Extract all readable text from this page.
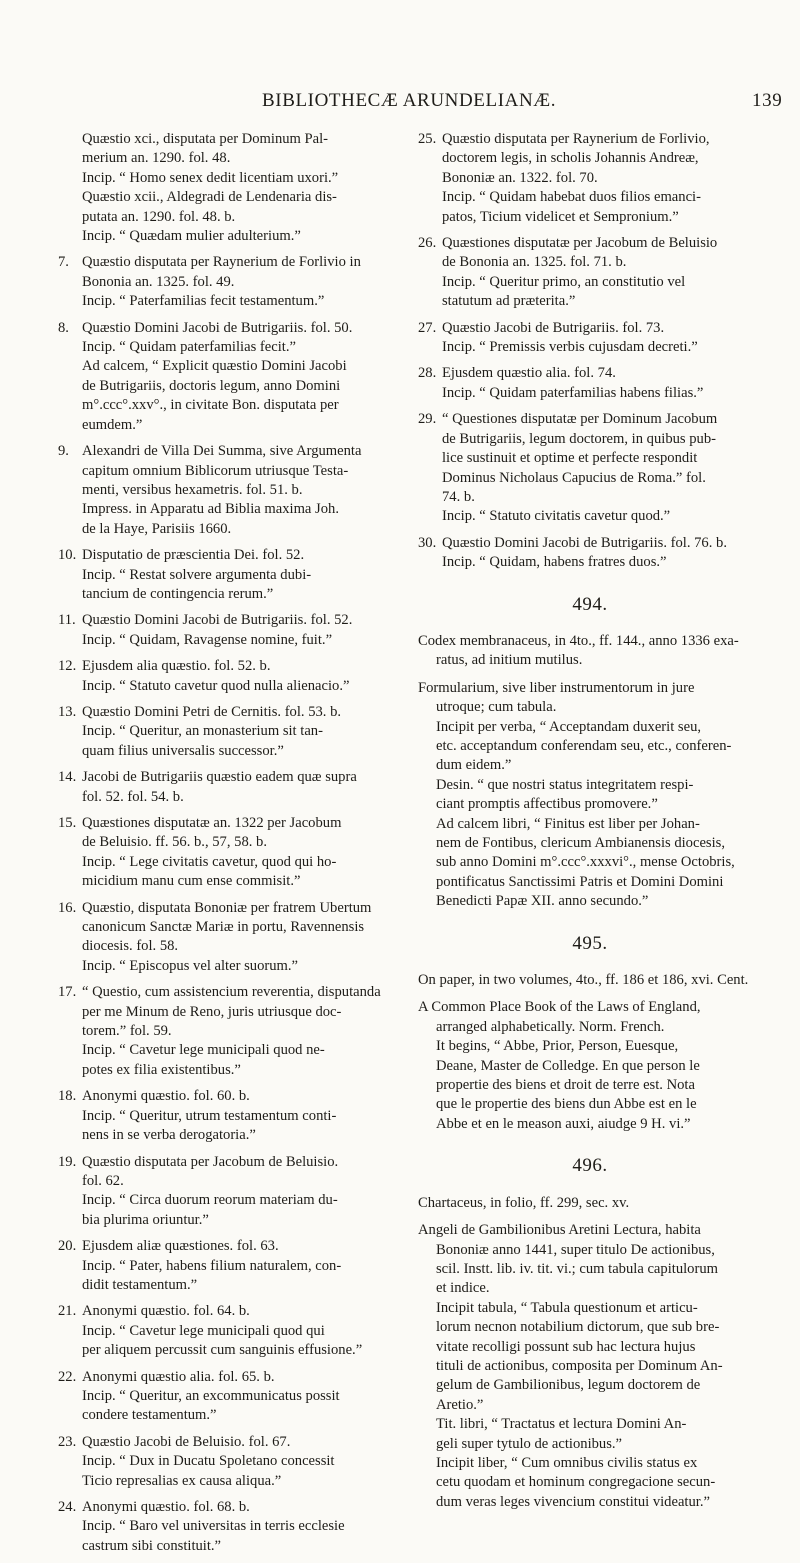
BIBLIOTHECÆ ARUNDELIANÆ.	139
Quæstio xci., disputata per Dominum Pal-
merium an. 1290. fol. 48.
Incip. “ Homo senex dedit licentiam uxori.”
Quæstio xcii., Aldegradi de Lendenaria dis-
putata an. 1290. fol. 48. b.
Incip. “ Quædam mulier adulterium.”
7. Quæstio disputata per Raynerium de Forlivio in
Bononia an. 1325. fol. 49.
Incip. “ Paterfamilias fecit testamentum.”
8. Quæstio Domini Jacobi de Butrigariis. fol. 50.
Incip. “ Quidam paterfamilias fecit.”
Ad calcem, “ Explicit quæstio Domini Jacobi
de Butrigariis, doctoris legum, anno Domini
m°.ccc°.xxv°., in civitate Bon. disputata per
eumdem.”
9. Alexandri de Villa Dei Summa, sive Argumenta
capitum omnium Biblicorum utriusque Testa-
menti, versibus hexametris. fol. 51. b.
Impress. in Apparatu ad Biblia maxima Joh.
de la Haye, Parisiis 1660.
10. Disputatio de præscientia Dei. fol. 52.
Incip. “ Restat solvere argumenta dubi-
tancium de contingencia rerum.”
11. Quæstio Domini Jacobi de Butrigariis. fol. 52.
Incip. “ Quidam, Ravagense nomine, fuit.”
12. Ejusdem alia quæstio. fol. 52. b.
Incip. “ Statuto cavetur quod nulla alienacio.”
13. Quæstio Domini Petri de Cernitis. fol. 53. b.
Incip. “ Queritur, an monasterium sit tan-
quam filius universalis successor.”
14. Jacobi de Butrigariis quæstio eadem quæ supra
fol. 52. fol. 54. b.
15. Quæstiones disputatæ an. 1322 per Jacobum
de Beluisio. ff. 56. b., 57, 58. b.
Incip. “ Lege civitatis cavetur, quod qui ho-
micidium manu cum ense commisit.”
16. Quæstio, disputata Bononiæ per fratrem Ubertum
canonicum Sanctæ Mariæ in portu, Ravennensis
diocesis. fol. 58.
Incip. “ Episcopus vel alter suorum.”
17. “ Questio, cum assistencium reverentia, disputanda
per me Minum de Reno, juris utriusque doc-
torem.” fol. 59.
Incip. “ Cavetur lege municipali quod ne-
potes ex filia existentibus.”
18. Anonymi quæstio. fol. 60. b.
Incip. “ Queritur, utrum testamentum conti-
nens in se verba derogatoria.”
19. Quæstio disputata per Jacobum de Beluisio.
fol. 62.
Incip. “ Circa duorum reorum materiam du-
bia plurima oriuntur.”
20. Ejusdem aliæ quæstiones. fol. 63.
Incip. “ Pater, habens filium naturalem, con-
didit testamentum.”
21. Anonymi quæstio. fol. 64. b.
Incip. “ Cavetur lege municipali quod qui
per aliquem percussit cum sanguinis effusione.”
22. Anonymi quæstio alia. fol. 65. b.
Incip. “ Queritur, an excommunicatus possit
condere testamentum.”
23. Quæstio Jacobi de Beluisio. fol. 67.
Incip. “ Dux in Ducatu Spoletano concessit
Ticio represalias ex causa aliqua.”
24. Anonymi quæstio. fol. 68. b.
Incip. “ Baro vel universitas in terris ecclesie
castrum sibi constituit.”
25. Quæstio disputata per Raynerium de Forlivio,
doctorem legis, in scholis Johannis Andreæ,
Bononiæ an. 1322. fol. 70.
Incip. “ Quidam habebat duos filios emanci-
patos, Ticium videlicet et Sempronium.”
26. Quæstiones disputatæ per Jacobum de Beluisio
de Bononia an. 1325. fol. 71. b.
Incip. “ Queritur primo, an constitutio vel
statutum ad præterita.”
27. Quæstio Jacobi de Butrigariis. fol. 73.
Incip. “ Premissis verbis cujusdam decreti.”
28. Ejusdem quæstio alia. fol. 74.
Incip. “ Quidam paterfamilias habens filias.”
29. “ Questiones disputatæ per Dominum Jacobum
de Butrigariis, legum doctorem, in quibus pub-
lice sustinuit et optime et perfecte respondit
Dominus Nicholaus Capucius de Roma.” fol.
74. b.
Incip. “ Statuto civitatis cavetur quod.”
30. Quæstio Domini Jacobi de Butrigariis. fol. 76. b.
Incip. “ Quidam, habens fratres duos.”
494.
Codex membranaceus, in 4to., ff. 144., anno 1336 exa-
ratus, ad initium mutilus.
Formularium, sive liber instrumentorum in jure
utroque; cum tabula.
Incipit per verba, “ Acceptandam duxerit seu,
etc. acceptandum conferendam seu, etc., conferen-
dum eidem.”
Desin. “ que nostri status integritatem respi-
ciant promptis affectibus promovere.”
Ad calcem libri, “ Finitus est liber per Johan-
nem de Fontibus, clericum Ambianensis diocesis,
sub anno Domini m°.ccc°.xxxvi°., mense Octobris,
pontificatus Sanctissimi Patris et Domini Domini
Benedicti Papæ XII. anno secundo.”
495.
On paper, in two volumes, 4to., ff. 186 et 186, xvi. Cent.
A Common Place Book of the Laws of England,
arranged alphabetically. Norm. French.
It begins, “ Abbe, Prior, Person, Euesque,
Deane, Master de Colledge. En que person le
propertie des biens et droit de terre est. Nota
que le propertie des biens dun Abbe est en le
Abbe et en le meason auxi, aiudge 9 H. vi.”
496.
Chartaceus, in folio, ff. 299, sec. xv.
Angeli de Gambilionibus Aretini Lectura, habita
Bononiæ anno 1441, super titulo De actionibus,
scil. Instt. lib. iv. tit. vi.; cum tabula capitulorum
et indice.
Incipit tabula, “ Tabula questionum et articu-
lorum necnon notabilium dictorum, que sub bre-
vitate recolligi possunt sub hac lectura hujus
tituli de actionibus, composita per Dominum An-
gelum de Gambilionibus, legum doctorem de
Aretio.”
Tit. libri, “ Tractatus et lectura Domini An-
geli super tytulo de actionibus.”
Incipit liber, “ Cum omnibus civilis status ex
cetu quodam et hominum congregacione secun-
dum veras leges vivencium constitui videatur.”
